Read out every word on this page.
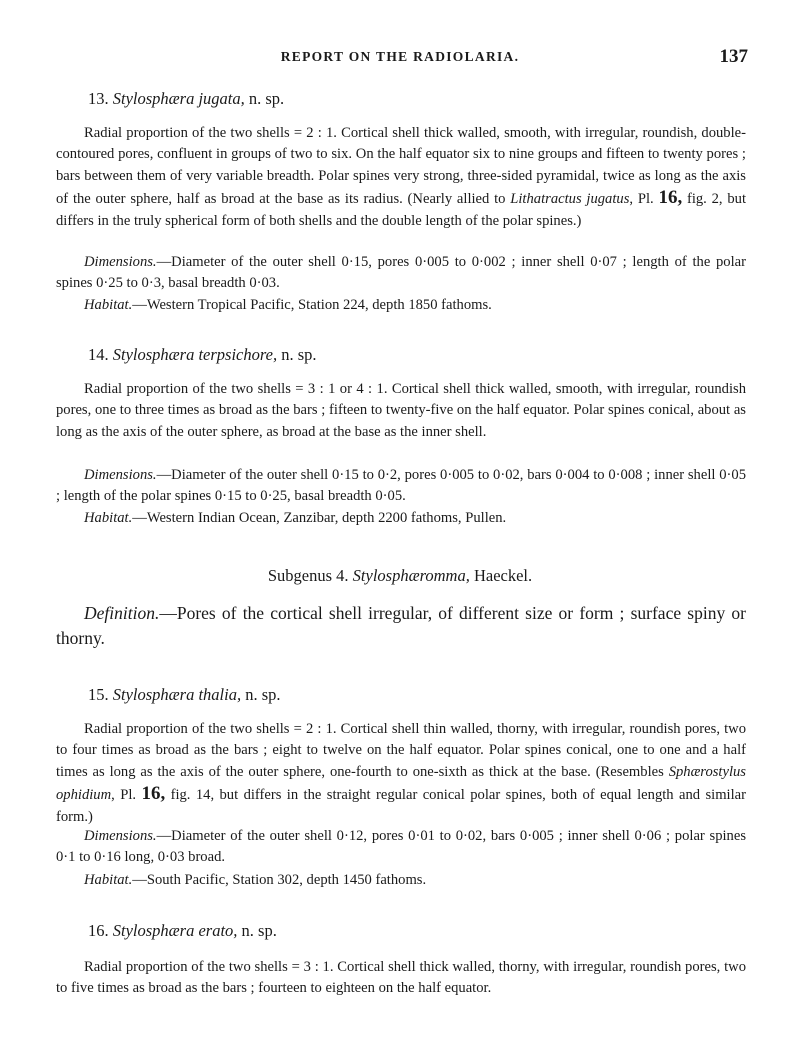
REPORT ON THE RADIOLARIA.	137
13. Stylosphæra jugata, n. sp.
Radial proportion of the two shells = 2 : 1. Cortical shell thick walled, smooth, with irregular, roundish, double-contoured pores, confluent in groups of two to six. On the half equator six to nine groups and fifteen to twenty pores ; bars between them of very variable breadth. Polar spines very strong, three-sided pyramidal, twice as long as the axis of the outer sphere, half as broad at the base as its radius. (Nearly allied to Lithatractus jugatus, Pl. 16, fig. 2, but differs in the truly spherical form of both shells and the double length of the polar spines.)
Dimensions.—Diameter of the outer shell 0·15, pores 0·005 to 0·002 ; inner shell 0·07 ; length of the polar spines 0·25 to 0·3, basal breadth 0·03.
Habitat.—Western Tropical Pacific, Station 224, depth 1850 fathoms.
14. Stylosphæra terpsichore, n. sp.
Radial proportion of the two shells = 3 : 1 or 4 : 1. Cortical shell thick walled, smooth, with irregular, roundish pores, one to three times as broad as the bars ; fifteen to twenty-five on the half equator. Polar spines conical, about as long as the axis of the outer sphere, as broad at the base as the inner shell.
Dimensions.—Diameter of the outer shell 0·15 to 0·2, pores 0·005 to 0·02, bars 0·004 to 0·008 ; inner shell 0·05 ; length of the polar spines 0·15 to 0·25, basal breadth 0·05.
Habitat.—Western Indian Ocean, Zanzibar, depth 2200 fathoms, Pullen.
Subgenus 4. Stylosphæromma, Haeckel.
Definition.—Pores of the cortical shell irregular, of different size or form ; surface spiny or thorny.
15. Stylosphæra thalia, n. sp.
Radial proportion of the two shells = 2 : 1. Cortical shell thin walled, thorny, with irregular, roundish pores, two to four times as broad as the bars ; eight to twelve on the half equator. Polar spines conical, one to one and a half times as long as the axis of the outer sphere, one-fourth to one-sixth as thick at the base. (Resembles Sphærostylus ophidium, Pl. 16, fig. 14, but differs in the straight regular conical polar spines, both of equal length and similar form.)
Dimensions.—Diameter of the outer shell 0·12, pores 0·01 to 0·02, bars 0·005 ; inner shell 0·06 ; polar spines 0·1 to 0·16 long, 0·03 broad.
Habitat.—South Pacific, Station 302, depth 1450 fathoms.
16. Stylosphæra erato, n. sp.
Radial proportion of the two shells = 3 : 1. Cortical shell thick walled, thorny, with irregular, roundish pores, two to five times as broad as the bars ; fourteen to eighteen on the half equator.
